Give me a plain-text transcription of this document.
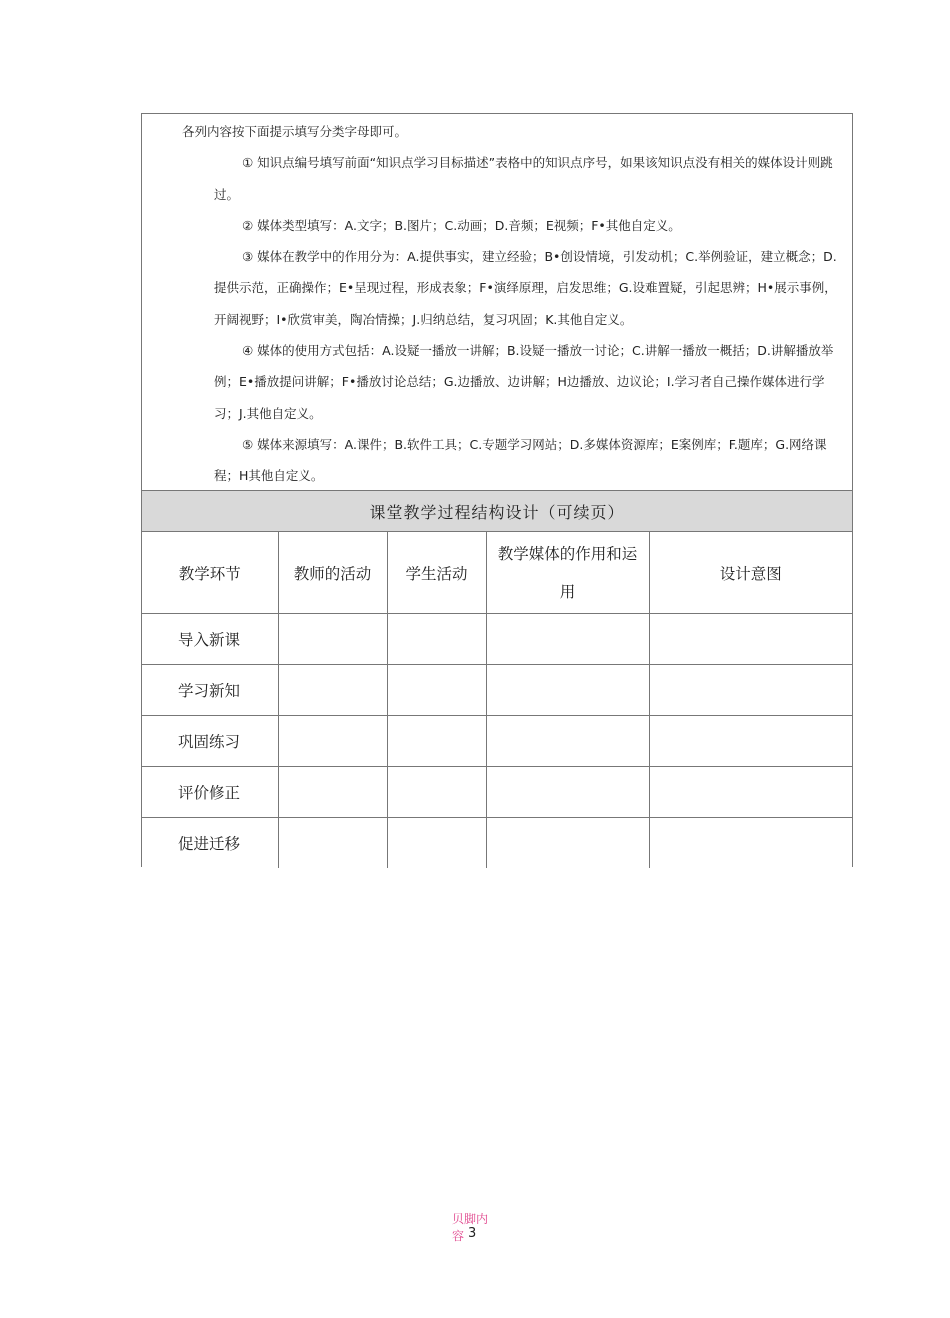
各列内容按下面提示填写分类字母即可。

① 知识点编号填写前面“知识点学习目标描述”表格中的知识点序号，如果该知识点没有相关的媒体设计则跳过。

② 媒体类型填写：A.文字；B.图片；C.动画；D.音频；E视频；F•其他自定义。

③ 媒体在教学中的作用分为：A.提供事实，建立经验；B•创设情境，引发动机；C.举例验证，建立概念；D.提供示范，正确操作；E•呈现过程，形成表象；F•演绎原理，启发思维；G.设难置疑，引起思辨；H•展示事例，开阔视野；I•欣赏审美，陶冶情操；J.归纳总结，复习巩固；K.其他自定义。

④ 媒体的使用方式包括：A.设疑一播放一讲解；B.设疑一播放一讨论；C.讲解一播放一概括；D.讲解播放举例；E•播放提问讲解；F•播放讨论总结；G.边播放、边讲解；H边播放、边议论；I.学习者自己操作媒体进行学习；J.其他自定义。

⑤ 媒体来源填写：A.课件；B.软件工具；C.专题学习网站；D.多媒体资源库；E案例库；F.题库；G.网络课程；H其他自定义。

课堂教学过程结构设计（可续页）
教学环节	教师的活动	学生活动	教学媒体的作用和运用	设计意图
导入新课				
学习新知				
巩固练习				
评价修正				
促进迁移				
贝脚内
容 3
